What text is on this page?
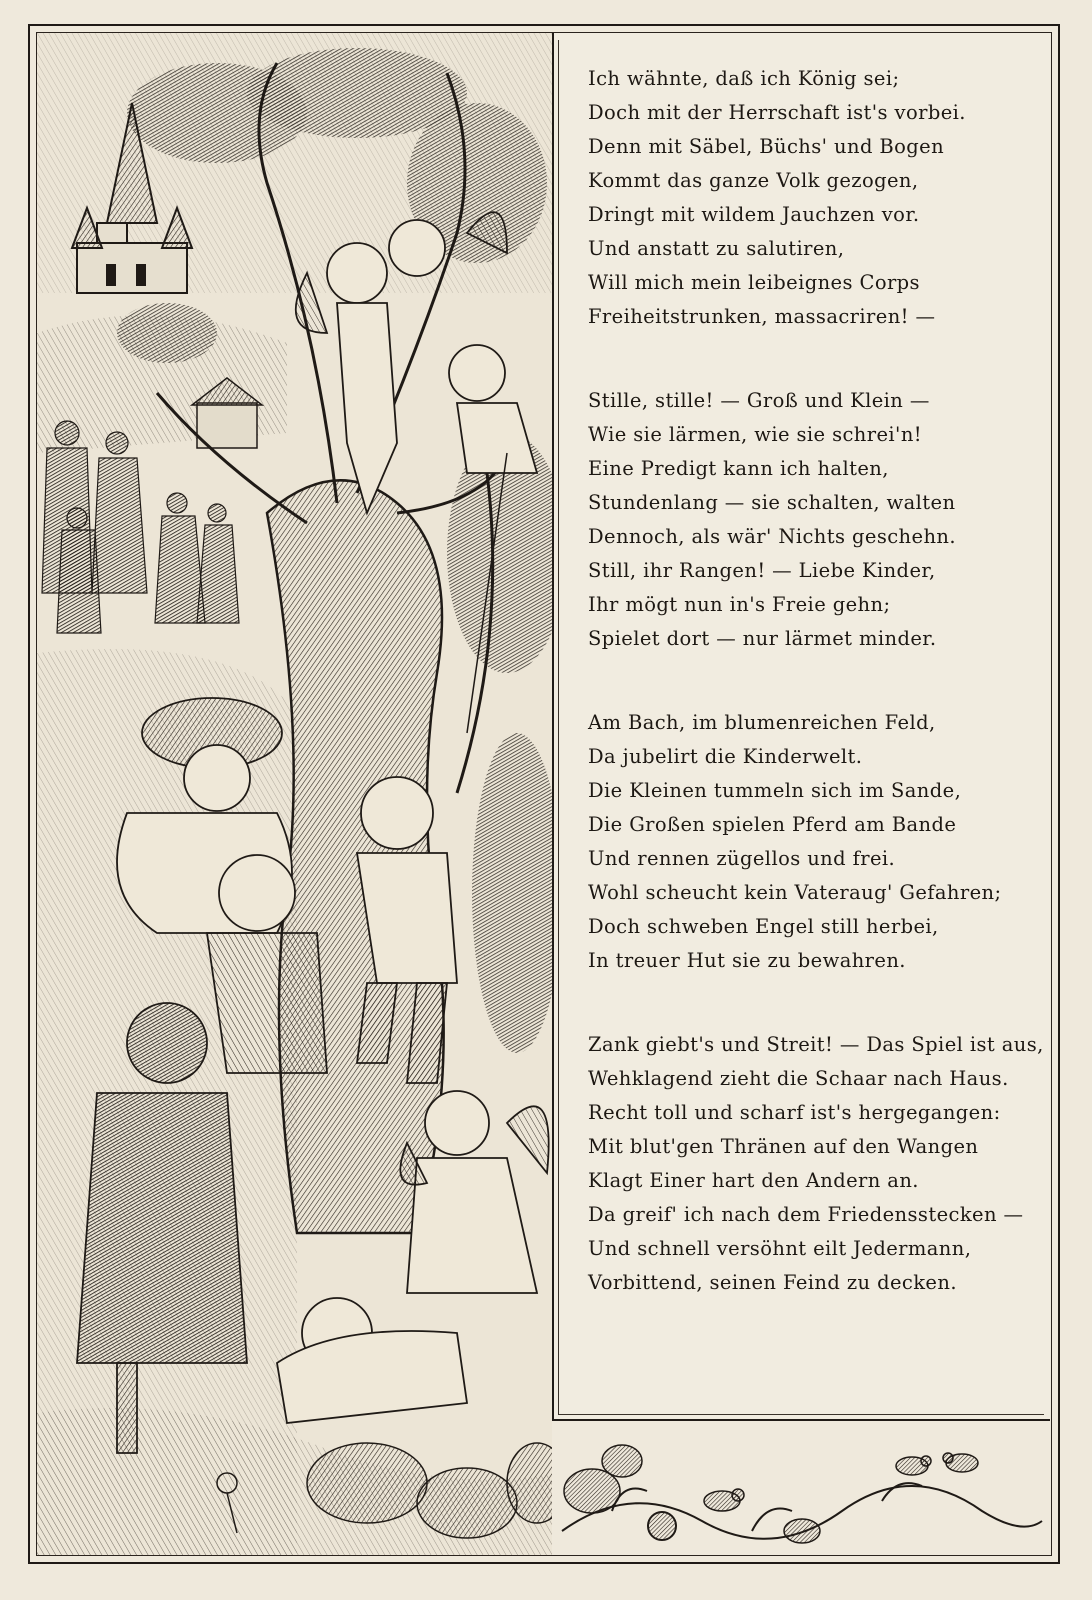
Ich wähnte, daß ich König sei;
Doch mit der Herrschaft ist's vorbei.
Denn mit Säbel, Büchs' und Bogen
Kommt das ganze Volk gezogen,
Dringt mit wildem Jauchzen vor.
Und anstatt zu salutiren,
Will mich mein leibeignes Corps
Freiheitstrunken, massacriren! —
Stille, stille! — Groß und Klein —
Wie sie lärmen, wie sie schrei'n!
Eine Predigt kann ich halten,
Stundenlang — sie schalten, walten
Dennoch, als wär' Nichts geschehn.
Still, ihr Rangen! — Liebe Kinder,
Ihr mögt nun in's Freie gehn;
Spielet dort — nur lärmet minder.
Am Bach, im blumenreichen Feld,
Da jubelirt die Kinderwelt.
Die Kleinen tummeln sich im Sande,
Die Großen spielen Pferd am Bande
Und rennen zügellos und frei.
Wohl scheucht kein Vateraug' Gefahren;
Doch schweben Engel still herbei,
In treuer Hut sie zu bewahren.
Zank giebt's und Streit! — Das Spiel ist aus,
Wehklagend zieht die Schaar nach Haus.
Recht toll und scharf ist's hergegangen:
Mit blut'gen Thränen auf den Wangen
Klagt Einer hart den Andern an.
Da greif' ich nach dem Friedensstecken —
Und schnell versöhnt eilt Jedermann,
Vorbittend, seinen Feind zu decken.
